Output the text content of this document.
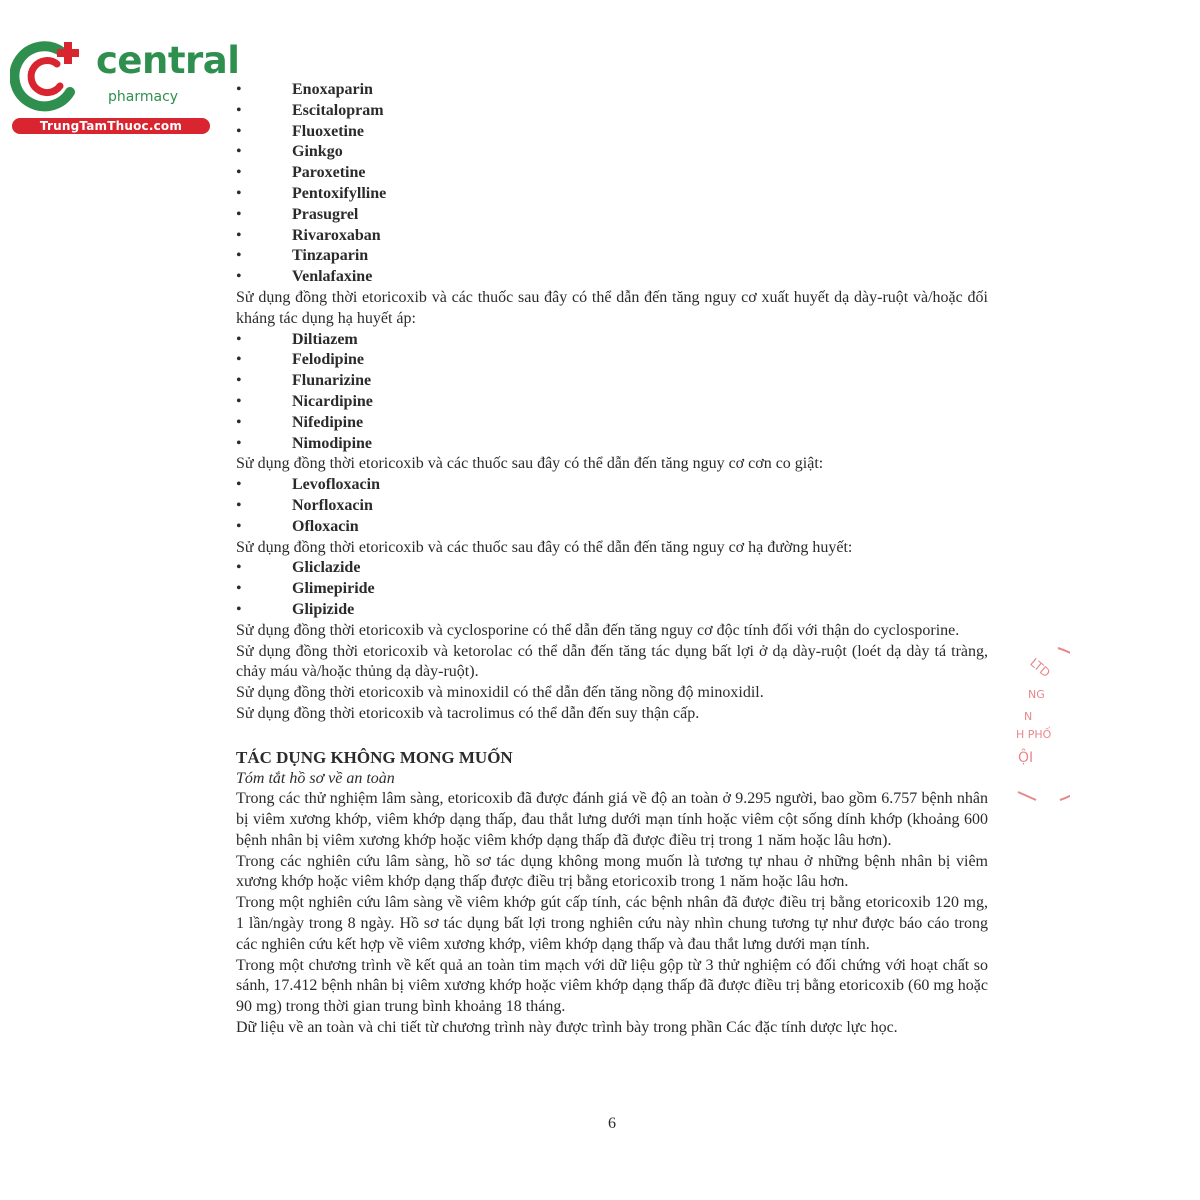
central
pharmacy
TrungTamThuoc.com
LTD
NG
N
H PHỐ
ỘI
•	Enoxaparin
•	Escitalopram
•	Fluoxetine
•	Ginkgo
•	Paroxetine
•	Pentoxifylline
•	Prasugrel
•	Rivaroxaban
•	Tinzaparin
•	Venlafaxine
Sử dụng đồng thời etoricoxib và các thuốc sau đây có thể dẫn đến tăng nguy cơ xuất huyết dạ dày-ruột và/hoặc đối kháng tác dụng hạ huyết áp:
•	Diltiazem
•	Felodipine
•	Flunarizine
•	Nicardipine
•	Nifedipine
•	Nimodipine
Sử dụng đồng thời etoricoxib và các thuốc sau đây có thể dẫn đến tăng nguy cơ cơn co giật:
•	Levofloxacin
•	Norfloxacin
•	Ofloxacin
Sử dụng đồng thời etoricoxib và các thuốc sau đây có thể dẫn đến tăng nguy cơ hạ đường huyết:
•	Gliclazide
•	Glimepiride
•	Glipizide
Sử dụng đồng thời etoricoxib và cyclosporine có thể dẫn đến tăng nguy cơ độc tính đối với thận do cyclosporine.
Sử dụng đồng thời etoricoxib và ketorolac có thể dẫn đến tăng tác dụng bất lợi ở dạ dày-ruột (loét dạ dày tá tràng, chảy máu và/hoặc thủng dạ dày-ruột).
Sử dụng đồng thời etoricoxib và minoxidil có thể dẫn đến tăng nồng độ minoxidil.
Sử dụng đồng thời etoricoxib và tacrolimus có thể dẫn đến suy thận cấp.
TÁC DỤNG KHÔNG MONG MUỐN
Tóm tắt hồ sơ về an toàn
Trong các thử nghiệm lâm sàng, etoricoxib đã được đánh giá về độ an toàn ở 9.295 người, bao gồm 6.757 bệnh nhân bị viêm xương khớp, viêm khớp dạng thấp, đau thắt lưng dưới mạn tính hoặc viêm cột sống dính khớp (khoảng 600 bệnh nhân bị viêm xương khớp hoặc viêm khớp dạng thấp đã được điều trị trong 1 năm hoặc lâu hơn).
Trong các nghiên cứu lâm sàng, hồ sơ tác dụng không mong muốn là tương tự nhau ở những bệnh nhân bị viêm xương khớp hoặc viêm khớp dạng thấp được điều trị bằng etoricoxib trong 1 năm hoặc lâu hơn.
Trong một nghiên cứu lâm sàng về viêm khớp gút cấp tính, các bệnh nhân đã được điều trị bằng etoricoxib 120 mg, 1 lần/ngày trong 8 ngày. Hồ sơ tác dụng bất lợi trong nghiên cứu này nhìn chung tương tự như được báo cáo trong các nghiên cứu kết hợp về viêm xương khớp, viêm khớp dạng thấp và đau thắt lưng dưới mạn tính.
Trong một chương trình về kết quả an toàn tim mạch với dữ liệu gộp từ 3 thử nghiệm có đối chứng với hoạt chất so sánh, 17.412 bệnh nhân bị viêm xương khớp hoặc viêm khớp dạng thấp đã được điều trị bằng etoricoxib (60 mg hoặc 90 mg) trong thời gian trung bình khoảng 18 tháng.
Dữ liệu về an toàn và chi tiết từ chương trình này được trình bày trong phần Các đặc tính dược lực học.
6
